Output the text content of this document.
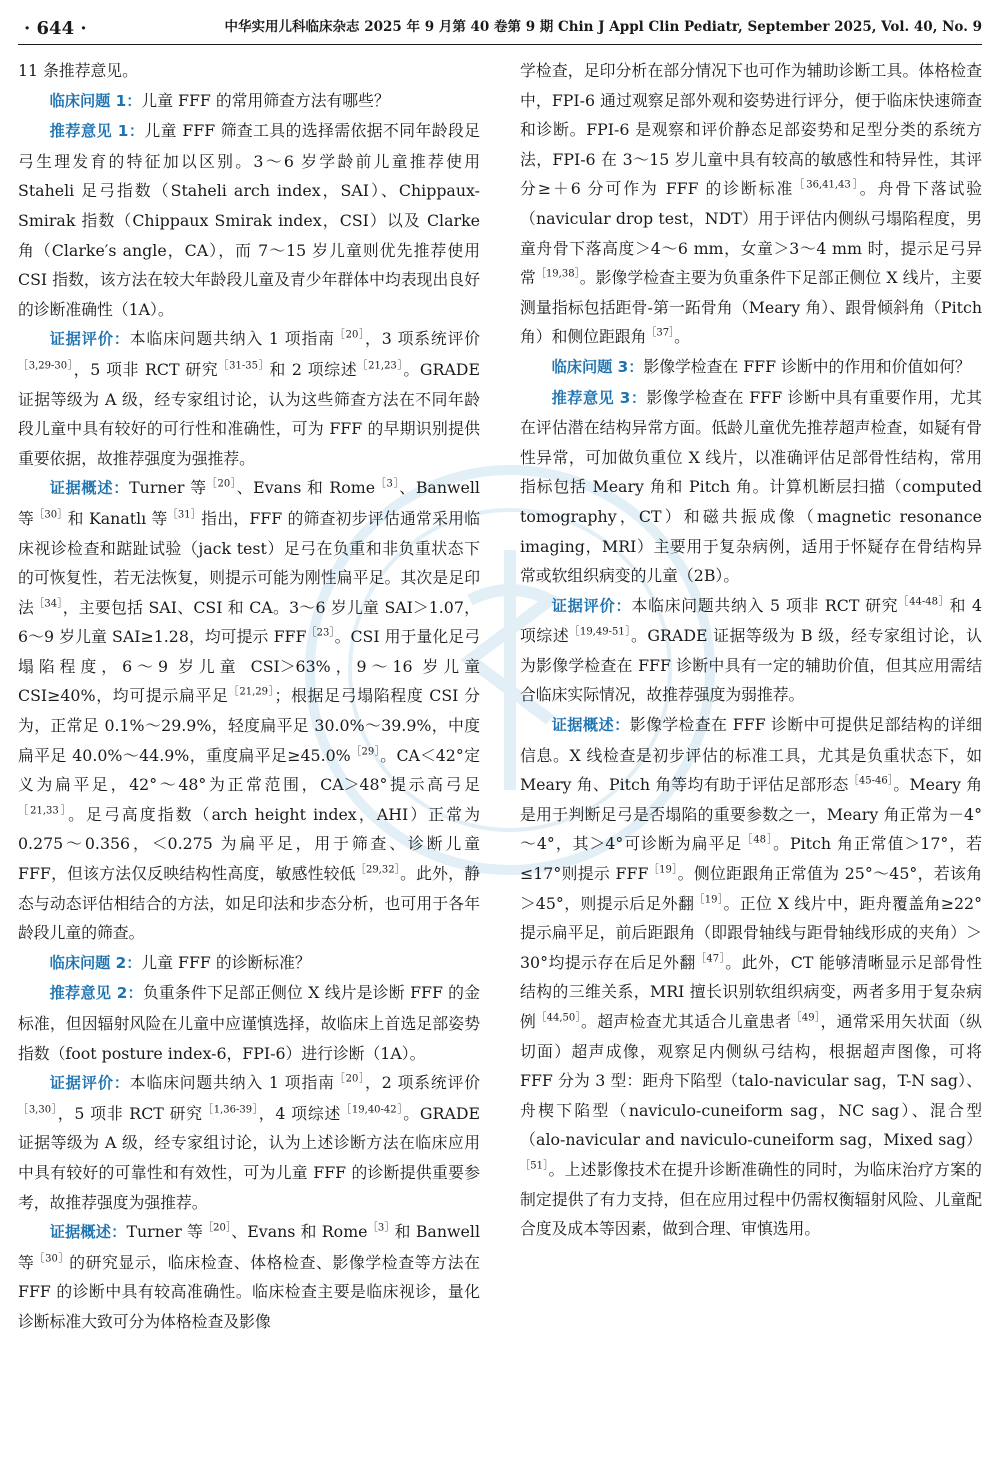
· 644 ·	中华实用儿科临床杂志 2025 年 9 月第 40 卷第 9 期 Chin J Appl Clin Pediatr, September 2025, Vol. 40, No. 9

11 条推荐意见。

临床问题 1：儿童 FFF 的常用筛查方法有哪些？

推荐意见 1：儿童 FFF 筛查工具的选择需依据不同年龄段足弓生理发育的特征加以区别。3～6 岁学龄前儿童推荐使用 Staheli 足弓指数（Staheli arch index，SAI）、Chippaux-Smirak 指数（Chippaux Smirak index，CSI）以及 Clarke 角（Clarke′s angle，CA），而 7～15 岁儿童则优先推荐使用 CSI 指数，该方法在较大年龄段儿童及青少年群体中均表现出良好的诊断准确性（1A）。

证据评价：本临床问题共纳入 1 项指南$^{[20]}$，3 项系统评价$^{[3,29-30]}$，5 项非 RCT 研究$^{[31-35]}$和 2 项综述$^{[21,23]}$。GRADE 证据等级为 A 级，经专家组讨论，认为这些筛查方法在不同年龄段儿童中具有较好的可行性和准确性，可为 FFF 的早期识别提供重要依据，故推荐强度为强推荐。

证据概述：Turner 等$^{[20]}$、Evans 和 Rome$^{[3]}$、Banwell 等$^{[30]}$和 Kanatlı 等$^{[31]}$指出，FFF 的筛查初步评估通常采用临床视诊检查和踮趾试验（jack test）足弓在负重和非负重状态下的可恢复性，若无法恢复，则提示可能为刚性扁平足。其次是足印法$^{[34]}$，主要包括 SAI、CSI 和 CA。3～6 岁儿童 SAI＞1.07，6～9 岁儿童 SAI≥1.28，均可提示 $FFF^{[23]}$。CSI 用于量化足弓塌陷程度，6～9 岁儿童 CSI＞63%，9～16 岁儿童 CSI≥40%，均可提示扁平足$^{[21,29]}$；根据足弓塌陷程度 CSI 分为，正常足 0.1%～29.9%，轻度扁平足 30.0%～39.9%，中度扁平足 40.0%～44.9%，重度扁平足≥45.0%$^{[29]}$。CA＜42°定义为扁平足，42°～48°为正常范围，CA＞48°提示高弓足$^{[21,33]}$。足弓高度指数（arch height index，AHI）正常为 0.275～0.356，＜0.275 为扁平足，用于筛查、诊断儿童 FFF，但该方法仅反映结构性高度，敏感性较低$^{[29,32]}$。此外，静态与动态评估相结合的方法，如足印法和步态分析，也可用于各年龄段儿童的筛查。

临床问题 2：儿童 FFF 的诊断标准？

推荐意见 2：负重条件下足部正侧位 X 线片是诊断 FFF 的金标准，但因辐射风险在儿童中应谨慎选择，故临床上首选足部姿势指数（foot posture index-6，FPI-6）进行诊断（1A）。

证据评价：本临床问题共纳入 1 项指南$^{[20]}$，2 项系统评价$^{[3,30]}$，5 项非 RCT 研究$^{[1,36-39]}$，4 项综述$^{[19,40-42]}$。GRADE 证据等级为 A 级，经专家组讨论，认为上述诊断方法在临床应用中具有较好的可靠性和有效性，可为儿童 FFF 的诊断提供重要参考，故推荐强度为强推荐。

证据概述：Turner 等$^{[20]}$、Evans 和 Rome$^{[3]}$和 Banwell 等$^{[30]}$的研究显示，临床检查、体格检查、影像学检查等方法在 FFF 的诊断中具有较高准确性。临床检查主要是临床视诊，量化诊断标准大致可分为体格检查及影像

学检查，足印分析在部分情况下也可作为辅助诊断工具。体格检查中，FPI-6 通过观察足部外观和姿势进行评分，便于临床快速筛查和诊断。FPI-6 是观察和评价静态足部姿势和足型分类的系统方法，FPI-6 在 3～15 岁儿童中具有较高的敏感性和特异性，其评分≥＋6 分可作为 FFF 的诊断标准$^{[36,41,43]}$。舟骨下落试验（navicular drop test，NDT）用于评估内侧纵弓塌陷程度，男童舟骨下落高度＞4～6 mm，女童＞3～4 mm 时，提示足弓异常$^{[19,38]}$。影像学检查主要为负重条件下足部正侧位 X 线片，主要测量指标包括距骨-第一跖骨角（Meary 角）、跟骨倾斜角（Pitch 角）和侧位距跟角$^{[37]}$。

临床问题 3：影像学检查在 FFF 诊断中的作用和价值如何？

推荐意见 3：影像学检查在 FFF 诊断中具有重要作用，尤其在评估潜在结构异常方面。低龄儿童优先推荐超声检查，如疑有骨性异常，可加做负重位 X 线片，以准确评估足部骨性结构，常用指标包括 Meary 角和 Pitch 角。计算机断层扫描（computed tomography，CT）和磁共振成像（magnetic resonance imaging，MRI）主要用于复杂病例，适用于怀疑存在骨结构异常或软组织病变的儿童（2B）。

证据评价：本临床问题共纳入 5 项非 RCT 研究$^{[44-48]}$和 4 项综述$^{[19,49-51]}$。GRADE 证据等级为 B 级，经专家组讨论，认为影像学检查在 FFF 诊断中具有一定的辅助价值，但其应用需结合临床实际情况，故推荐强度为弱推荐。

证据概述：影像学检查在 FFF 诊断中可提供足部结构的详细信息。X 线检查是初步评估的标准工具，尤其是负重状态下，如 Meary 角、Pitch 角等均有助于评估足部形态$^{[45-46]}$。Meary 角是用于判断足弓是否塌陷的重要参数之一，Meary 角正常为－4°～4°，其＞4°可诊断为扁平足$^{[48]}$。Pitch 角正常值＞17°，若≤17°则提示 $FFF^{[19]}$。侧位距跟角正常值为 25°～45°，若该角＞45°，则提示后足外翻$^{[19]}$。正位 X 线片中，距舟覆盖角≥22°提示扁平足，前后距跟角（即跟骨轴线与距骨轴线形成的夹角）＞30°均提示存在后足外翻$^{[47]}$。此外，CT 能够清晰显示足部骨性结构的三维关系，MRI 擅长识别软组织病变，两者多用于复杂病例$^{[44,50]}$。超声检查尤其适合儿童患者$^{[49]}$，通常采用矢状面（纵切面）超声成像，观察足内侧纵弓结构，根据超声图像，可将 FFF 分为 3 型：距舟下陷型（talo-navicular sag，T-N sag）、舟楔下陷型（naviculo-cuneiform sag，NC sag）、混合型（alo-navicular and naviculo-cuneiform sag，Mixed sag）$^{[51]}$。上述影像技术在提升诊断准确性的同时，为临床治疗方案的制定提供了有力支持，但在应用过程中仍需权衡辐射风险、儿童配合度及成本等因素，做到合理、审慎选用。
